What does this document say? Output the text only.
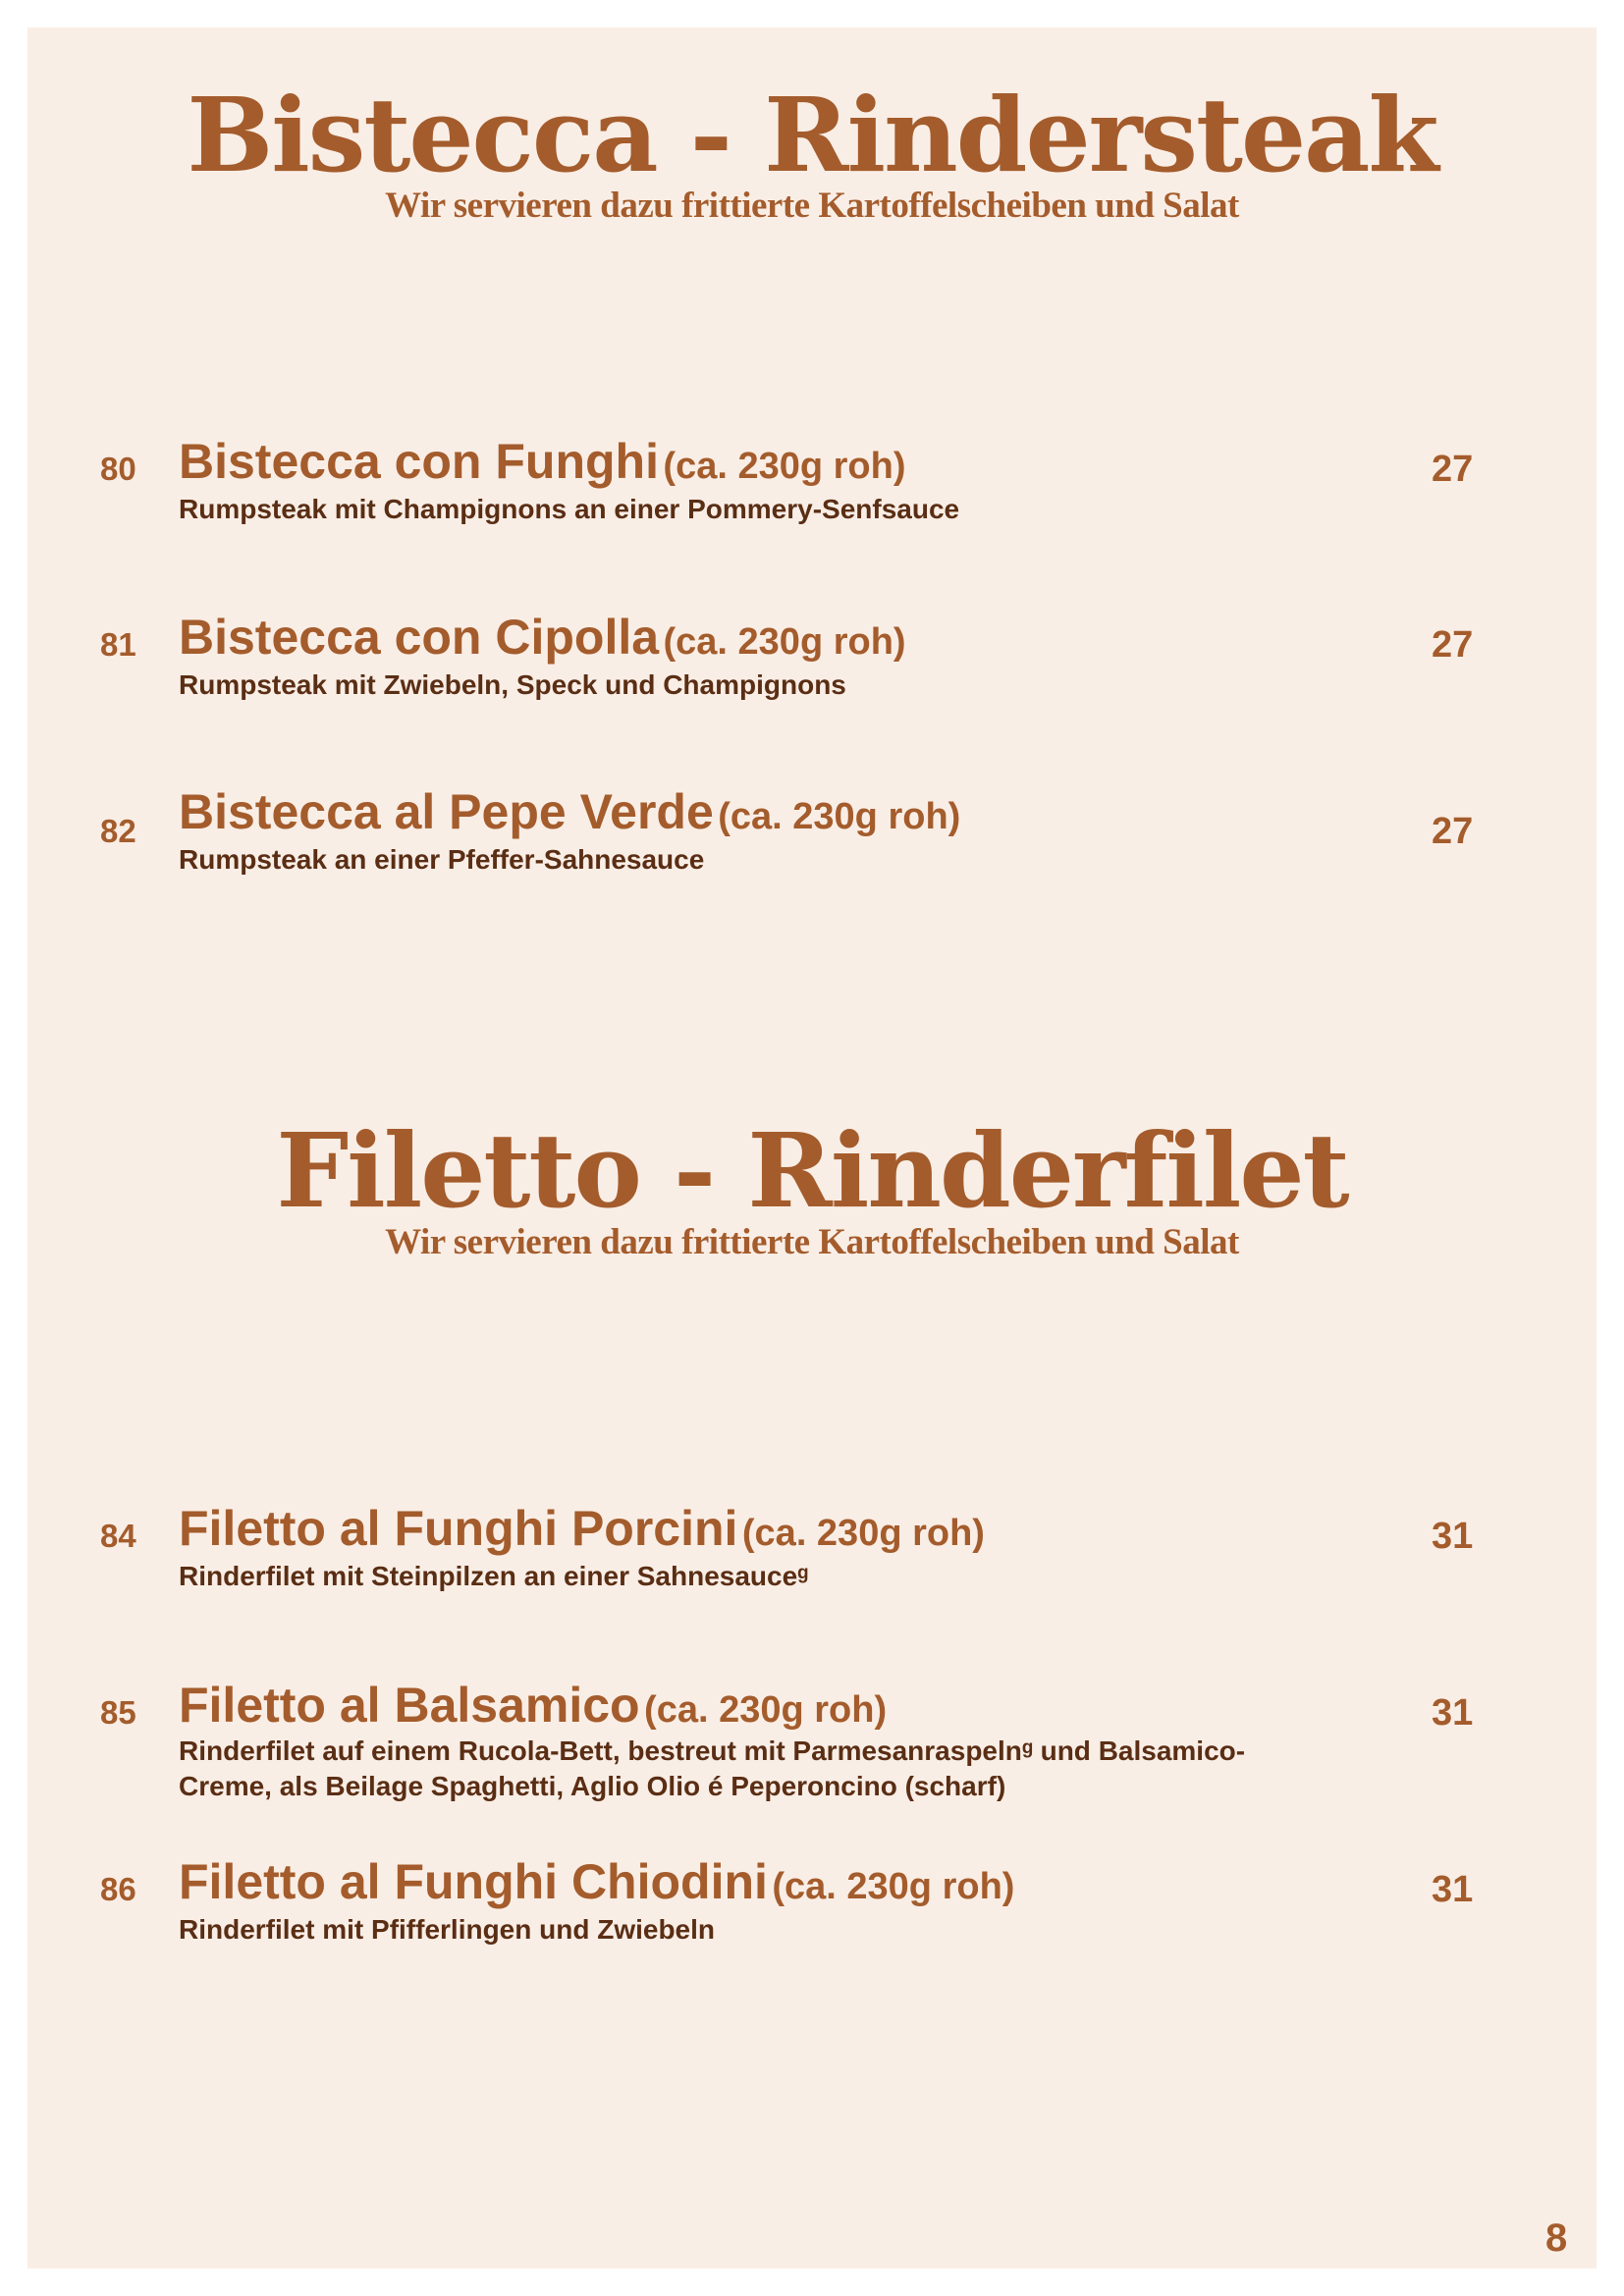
Bistecca - Rindersteak
Wir servieren dazu frittierte Kartoffelscheiben und Salat
80 Bistecca con Funghi (ca. 230g roh)
Rumpsteak mit Champignons an einer Pommery-Senfsauce
27
81 Bistecca con Cipolla (ca. 230g roh)
Rumpsteak mit Zwiebeln, Speck und Champignons
27
82 Bistecca al Pepe Verde (ca. 230g roh)
Rumpsteak an einer Pfeffer-Sahnesauce
27
Filetto - Rinderfilet
Wir servieren dazu frittierte Kartoffelscheiben und Salat
84 Filetto al Funghi Porcini (ca. 230g roh)
Rinderfilet mit Steinpilzen an einer Sahnesauceᵍ
31
85 Filetto al Balsamico (ca. 230g roh)
Rinderfilet auf einem Rucola-Bett, bestreut mit Parmesanraspelnᵍ und Balsamico-Creme, als Beilage Spaghetti, Aglio Olio é Peperoncino (scharf)
31
86 Filetto al Funghi Chiodini (ca. 230g roh)
Rinderfilet mit Pfifferlingen und Zwiebeln
31
8
